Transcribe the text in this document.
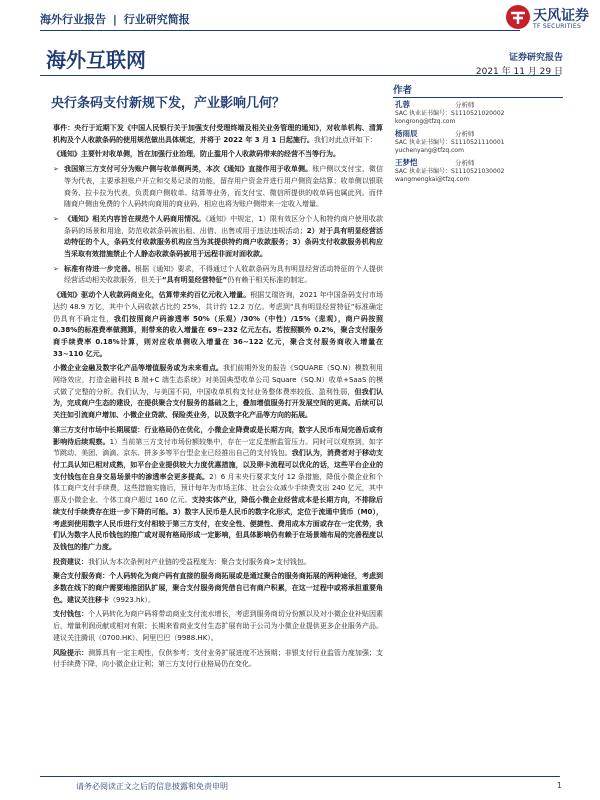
海外行业报告 | 行业研究简报	天风证券
TF SECURITIES
海外互联网	证券研究报告
2021 年 11 月 29 日
央行条码支付新规下发，产业影响几何？
作者
孔蓉	分析师
SAC 执业证书编号：S1110521020002
kongrong@tfzq.com
杨雨辰	分析师
SAC 执业证书编号：S1110521110001
yuchenyang@tfzq.com
王梦恺	分析师
SAC 执业证书编号：S1110521030002
wangmengkai@tfzq.com

事件：央行于近期下发《中国人民银行关于加强支付受理终端及相关业务管理的通知》，对收单机构、清算机构及个人收款条码的使用规范做出具体规定，并将于 2022 年 3 月 1 日起施行。我们对此点评如下：

《通知》主要针对收单侧，旨在加强行业治理，防止滥用个人收款码带来的经营不当等行为。

➢ 我国第三方支付可分为账户侧与收单侧两类，本次《通知》直接作用于收单侧。账户侧以支付宝、微信等为代表，主要承担账户开立和交易记录的功能，留存用户资金并进行用户侧资金结算；收单侧以银联商务、拉卡拉为代表，负责商户侧收单、结算等业务，而支付宝、微信所提供的收单码也属此列。而伴随商户侧由免费的个人码转向商用的商业码，相应也将为账户侧带来一定收入增量。

➢ 《通知》相关内容旨在规范个人码商用情况。《通知》中规定，1）限有效区分个人和特约商户使用收款条码的场景和用途，防范收款条码被出租、出借、出售或用于违法违规活动；2）对于具有明显经营活动特征的个人，条码支付收款服务机构应当为其提供特约商户收款服务；3）条码支付收款服务机构应当采取有效措施禁止个人静态收款条码被用于远程非面对面收款。

➢ 标准有待进一步完善。根据《通知》要求，不得通过个人收款条码为具有明显经营活动特征的个人提供经营活动相关收款服务，但关于“具有明显经营特征”仍有赖于相关标准的制定。

《通知》驱动个人收款码商业化，估算带来约百亿元收入增量。根据艾瑞咨询，2021 年中国条码支付市场达约 48.9 万亿，其中个人码收款占比约 25%，共计约 12.2 万亿。考虑到“具有明显经营特征”标准确定仍具有不确定性，我们按照商户码渗透率 50%（乐观）/30%（中性）/15%（悲观），商户码按照 0.38%的标准费率做测算，则带来的收入增量在 69~232 亿元左右。若按照额外 0.2%，聚合支付服务商手续费率 0.18%计算，则对应收单侧收入增量在 36~122 亿元，聚合支付服务商收入增量在 33~110 亿元。

小微企业金融及数字化产品等增值服务或为未来看点。我们前期外发的报告《SQUARE（SQ.N）模数利用网络效应，打造金融科技 B 端+C 端生态系统》对美国典型收单公司 Square（SQ.N）收单+SaaS 的模式做了完整的分析。我们认为，与美国不同，中国收单机构支付业务整体费率较低、盈利性弱，但我们认为，完成商户生态的建设，在提供聚合支付服务的基础之上，叠加增值服务打开发展空间的更高。后续可以关注如引流商户增加、小微企业贷款、保险类业务，以及数字化产品等方向的拓展。

第三方支付市场中长期展望：行业格局仍在优化，小微企业降费或是长期方向，数字人民币布局完善后或有影响待后续观察。1）当前第三方支付市场份额较集中，存在一定反垄断监管压力。同时可以观察到，如字节跳动、美团、滴滴、京东、拼多多等平台型企业已经推出自己的支付钱包。我们认为，消费者对于移动支付工具认知已相对成熟，如平台企业提供较大力度优惠措施，以及卵卡流程可以优化的话，这些平台企业的支付钱包在自身交易场景中的渗透率会更多提高。2）6 月末央行要求支付 12 条措施，降低小微企业和个体工商户支付手续费，这些措施实施后，预计每年为市场主体、社会公众减少手续费支出 240 亿元，其中惠及小微企业、个体工商户超过 160 亿元。支持实体产业，降低小微企业经营成本是长期方向，不排除后续支付手续费存在进一步下降的可能。3）数字人民币是人民币的数字化形式，定位于流通中货币（M0），考虑到使用数字人民币进行支付相较于第三方支付，在安全性、便捷性、费用成本方面或存在一定优势，我们认为数字人民币钱包的推广或对现有格局形成一定影响，但具体影响仍有赖于在场景端布局的完善程度以及钱包的推广力度。

投资建议：我们认为本次条例对产业链的受益程度为：聚合支付服务商>支付钱包。

聚合支付服务商：个人码转化为商户码有直接的服务商拓展或是通过聚合的服务商拓展的两种途径，考虑到多数在线下的商户需要地推团队扩展，聚合支付服务商凭借自已有商户积累，在这一过程中或将承担重要角色。建议关注移卡（9923.hk）。

支付钱包：个人码转化为商户码将带动商业支付流水增长，考虑到服务商切分份额以及对小微企业补贴因素后，增量利润贡献或相对有限；长期来看商业支付生态扩展有助于公司为小微企业提供更多企业服务产品。建议关注腾讯（0700.HK）、阿里巴巴（9988.HK）。

风险提示：测算具有一定主观性，仅供参考；支付业务扩展进度不达预期；非银支付行业监管力度加强；支付手续费下降，向小微企业让利；第三方支付行业格局仍在变化。

请务必阅读正文之后的信息披露和免责申明	1
